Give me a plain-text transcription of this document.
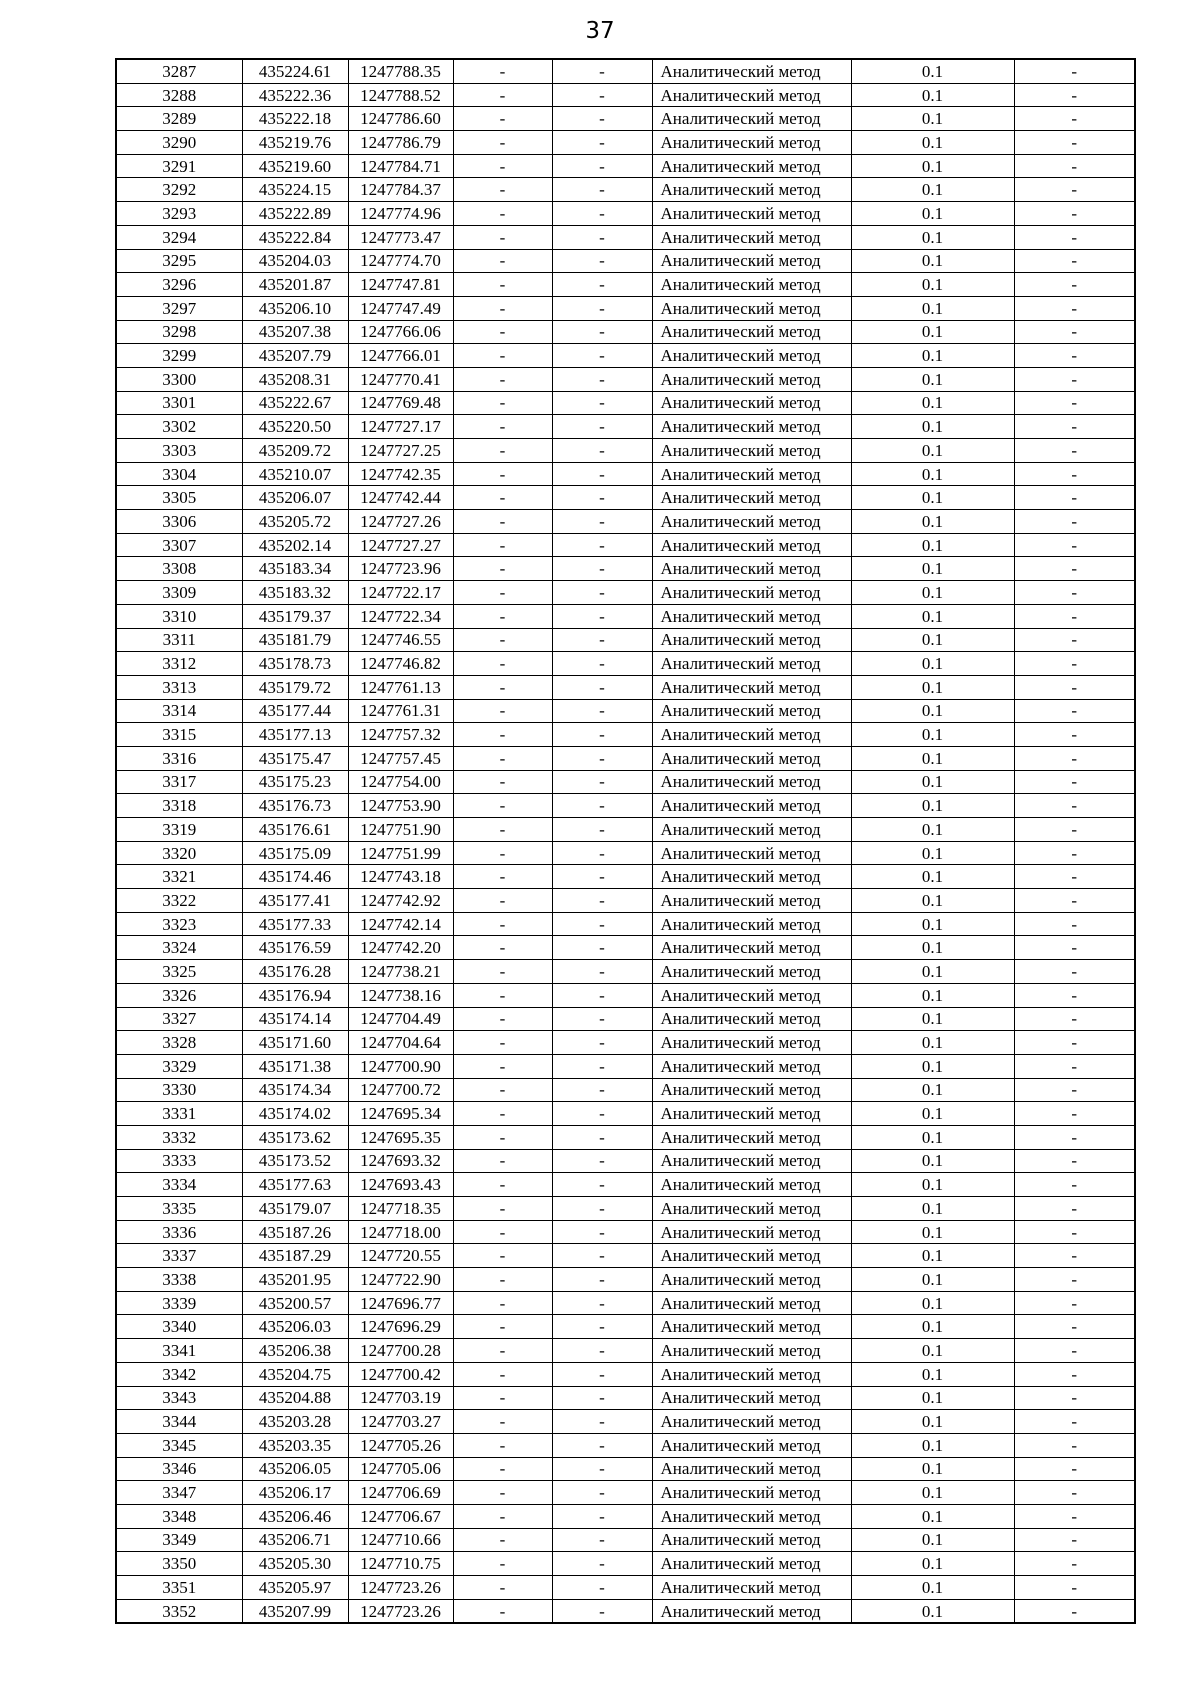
37
3287	435224.61	1247788.35	-	-	Аналитический метод	0.1	-
3288	435222.36	1247788.52	-	-	Аналитический метод	0.1	-
3289	435222.18	1247786.60	-	-	Аналитический метод	0.1	-
3290	435219.76	1247786.79	-	-	Аналитический метод	0.1	-
3291	435219.60	1247784.71	-	-	Аналитический метод	0.1	-
3292	435224.15	1247784.37	-	-	Аналитический метод	0.1	-
3293	435222.89	1247774.96	-	-	Аналитический метод	0.1	-
3294	435222.84	1247773.47	-	-	Аналитический метод	0.1	-
3295	435204.03	1247774.70	-	-	Аналитический метод	0.1	-
3296	435201.87	1247747.81	-	-	Аналитический метод	0.1	-
3297	435206.10	1247747.49	-	-	Аналитический метод	0.1	-
3298	435207.38	1247766.06	-	-	Аналитический метод	0.1	-
3299	435207.79	1247766.01	-	-	Аналитический метод	0.1	-
3300	435208.31	1247770.41	-	-	Аналитический метод	0.1	-
3301	435222.67	1247769.48	-	-	Аналитический метод	0.1	-
3302	435220.50	1247727.17	-	-	Аналитический метод	0.1	-
3303	435209.72	1247727.25	-	-	Аналитический метод	0.1	-
3304	435210.07	1247742.35	-	-	Аналитический метод	0.1	-
3305	435206.07	1247742.44	-	-	Аналитический метод	0.1	-
3306	435205.72	1247727.26	-	-	Аналитический метод	0.1	-
3307	435202.14	1247727.27	-	-	Аналитический метод	0.1	-
3308	435183.34	1247723.96	-	-	Аналитический метод	0.1	-
3309	435183.32	1247722.17	-	-	Аналитический метод	0.1	-
3310	435179.37	1247722.34	-	-	Аналитический метод	0.1	-
3311	435181.79	1247746.55	-	-	Аналитический метод	0.1	-
3312	435178.73	1247746.82	-	-	Аналитический метод	0.1	-
3313	435179.72	1247761.13	-	-	Аналитический метод	0.1	-
3314	435177.44	1247761.31	-	-	Аналитический метод	0.1	-
3315	435177.13	1247757.32	-	-	Аналитический метод	0.1	-
3316	435175.47	1247757.45	-	-	Аналитический метод	0.1	-
3317	435175.23	1247754.00	-	-	Аналитический метод	0.1	-
3318	435176.73	1247753.90	-	-	Аналитический метод	0.1	-
3319	435176.61	1247751.90	-	-	Аналитический метод	0.1	-
3320	435175.09	1247751.99	-	-	Аналитический метод	0.1	-
3321	435174.46	1247743.18	-	-	Аналитический метод	0.1	-
3322	435177.41	1247742.92	-	-	Аналитический метод	0.1	-
3323	435177.33	1247742.14	-	-	Аналитический метод	0.1	-
3324	435176.59	1247742.20	-	-	Аналитический метод	0.1	-
3325	435176.28	1247738.21	-	-	Аналитический метод	0.1	-
3326	435176.94	1247738.16	-	-	Аналитический метод	0.1	-
3327	435174.14	1247704.49	-	-	Аналитический метод	0.1	-
3328	435171.60	1247704.64	-	-	Аналитический метод	0.1	-
3329	435171.38	1247700.90	-	-	Аналитический метод	0.1	-
3330	435174.34	1247700.72	-	-	Аналитический метод	0.1	-
3331	435174.02	1247695.34	-	-	Аналитический метод	0.1	-
3332	435173.62	1247695.35	-	-	Аналитический метод	0.1	-
3333	435173.52	1247693.32	-	-	Аналитический метод	0.1	-
3334	435177.63	1247693.43	-	-	Аналитический метод	0.1	-
3335	435179.07	1247718.35	-	-	Аналитический метод	0.1	-
3336	435187.26	1247718.00	-	-	Аналитический метод	0.1	-
3337	435187.29	1247720.55	-	-	Аналитический метод	0.1	-
3338	435201.95	1247722.90	-	-	Аналитический метод	0.1	-
3339	435200.57	1247696.77	-	-	Аналитический метод	0.1	-
3340	435206.03	1247696.29	-	-	Аналитический метод	0.1	-
3341	435206.38	1247700.28	-	-	Аналитический метод	0.1	-
3342	435204.75	1247700.42	-	-	Аналитический метод	0.1	-
3343	435204.88	1247703.19	-	-	Аналитический метод	0.1	-
3344	435203.28	1247703.27	-	-	Аналитический метод	0.1	-
3345	435203.35	1247705.26	-	-	Аналитический метод	0.1	-
3346	435206.05	1247705.06	-	-	Аналитический метод	0.1	-
3347	435206.17	1247706.69	-	-	Аналитический метод	0.1	-
3348	435206.46	1247706.67	-	-	Аналитический метод	0.1	-
3349	435206.71	1247710.66	-	-	Аналитический метод	0.1	-
3350	435205.30	1247710.75	-	-	Аналитический метод	0.1	-
3351	435205.97	1247723.26	-	-	Аналитический метод	0.1	-
3352	435207.99	1247723.26	-	-	Аналитический метод	0.1	-
